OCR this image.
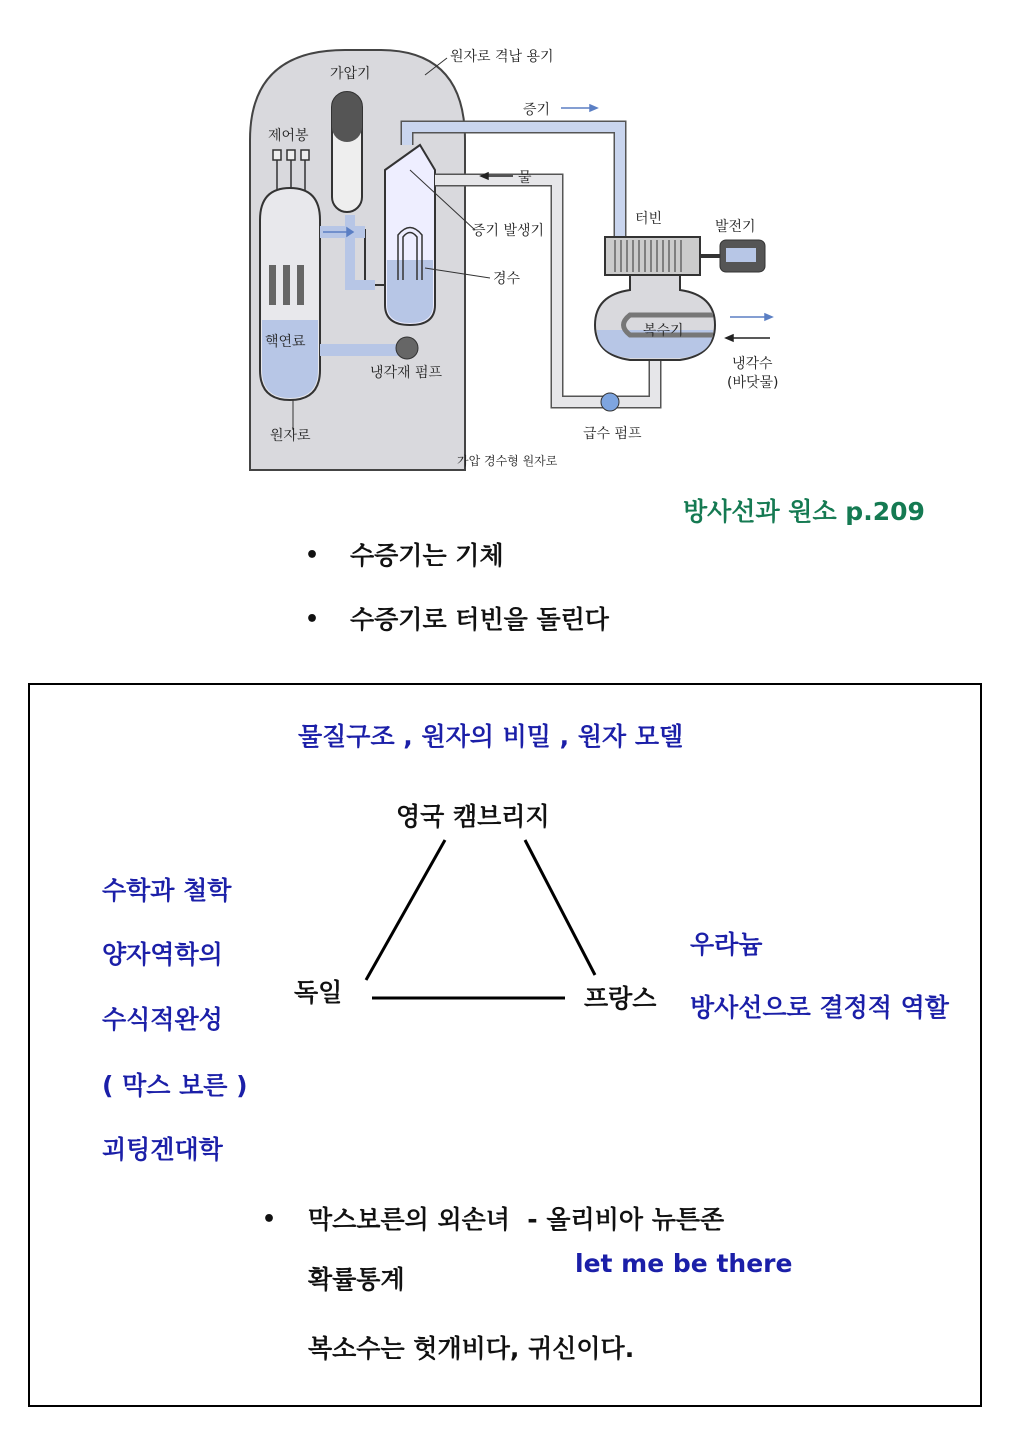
가압기
원자로 격납 용기
제어봉
증기
물
증기 발생기
경수
터빈	발전기
복수기
핵연료
냉각재 펌프
냉각수
(바닷물)
원자로	급수 펌프
가압 경수형 원자로
방사선과 원소 p.209
• 수증기는 기체
• 수증기로 터빈을 돌린다
물질구조 , 원자의 비밀 , 원자 모델
영국 캠브리지
독일	프랑스
수학과 철학
양자역학의
수식적완성
( 막스 보른 )
괴팅겐대학
우라늄
방사선으로 결정적 역할
• 막스보른의 외손녀  - 올리비아 뉴튼존
let me be there
확률통계
복소수는 헛개비다, 귀신이다.
